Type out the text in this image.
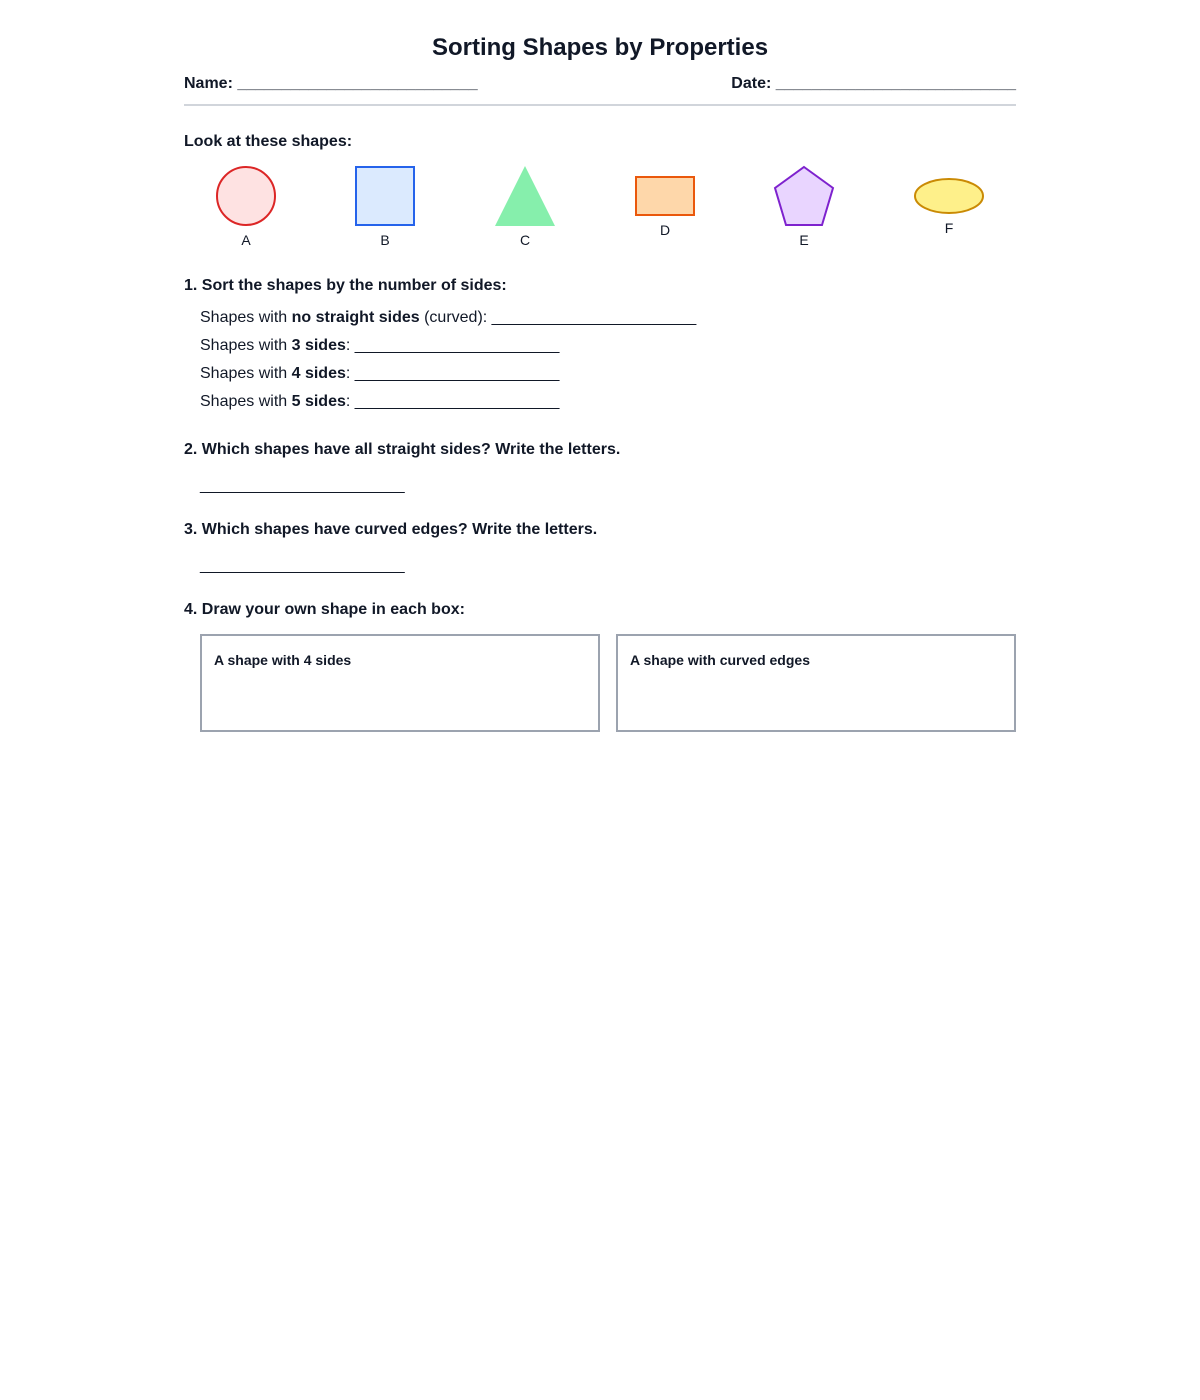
Sorting Shapes by Properties
Name: ___________________________	Date: ___________________________
Look at these shapes:
A	B	C
D
E
F
1. Sort the shapes by the number of sides:
Shapes with no straight sides (curved): _______________________
Shapes with 3 sides: _______________________
Shapes with 4 sides: _______________________
Shapes with 5 sides: _______________________
2. Which shapes have all straight sides? Write the letters.
_______________________
3. Which shapes have curved edges? Write the letters.
_______________________
4. Draw your own shape in each box:
A shape with 4 sides	A shape with curved edges
